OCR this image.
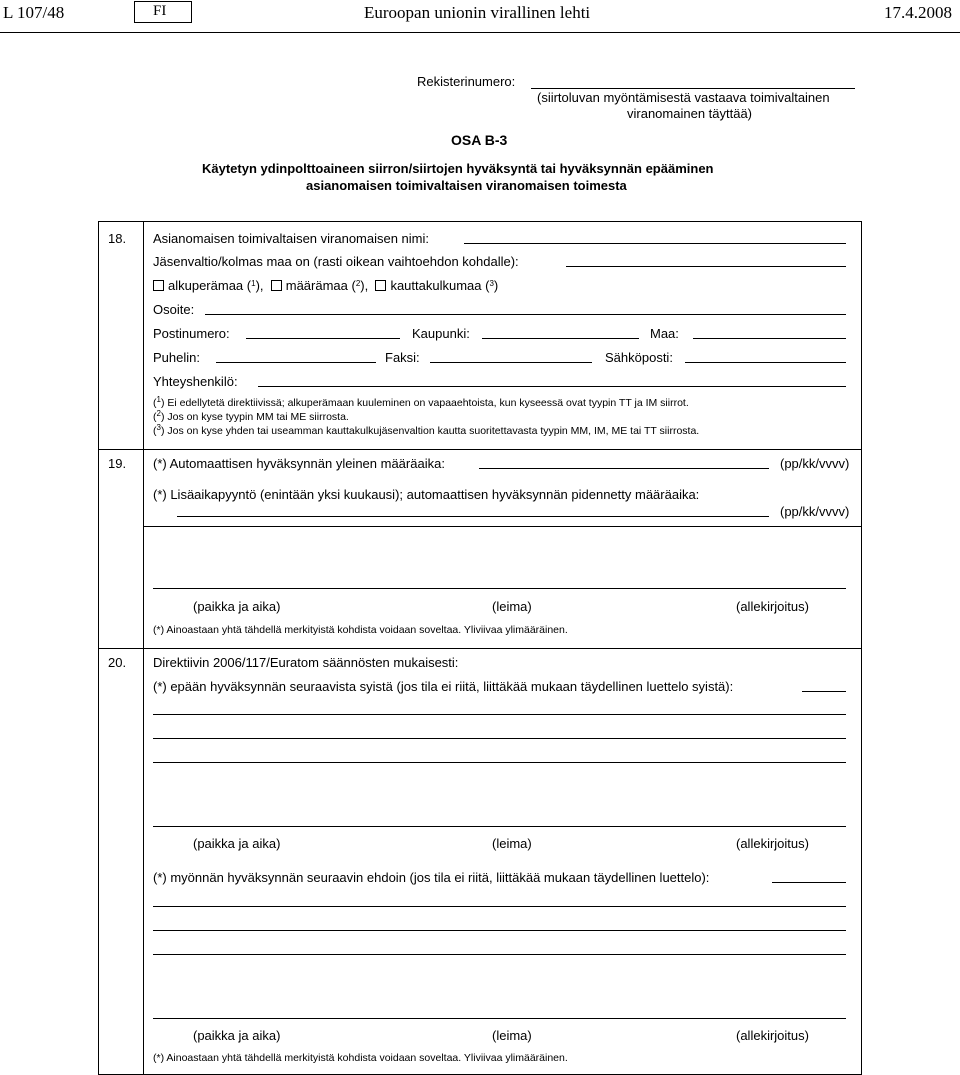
L 107/48	FI	Euroopan unionin virallinen lehti	17.4.2008
Rekisterinumero:
(siirtoluvan myöntämisestä vastaava toimivaltainen
viranomainen täyttää)
OSA B-3
Käytetyn ydinpolttoaineen siirron/siirtojen hyväksyntä tai hyväksynnän epääminen
asianomaisen toimivaltaisen viranomaisen toimesta
18. Asianomaisen toimivaltaisen viranomaisen nimi:
Jäsenvaltio/kolmas maa on (rasti oikean vaihtoehdon kohdalle):
alkuperämaa ($^1$),  määrämaa ($^2$),  kauttakulkumaa ($^3$)
Osoite:
Postinumero:	Kaupunki:	Maa:
Puhelin:	Faksi:	Sähköposti:
Yhteyshenkilö:
($^1$) Ei edellytetä direktiivissä; alkuperämaan kuuleminen on vapaaehtoista, kun kyseessä ovat tyypin TT ja IM siirrot.
($^2$) Jos on kyse tyypin MM tai ME siirrosta.
($^3$) Jos on kyse yhden tai useamman kauttakulkujäsenvaltion kautta suoritettavasta tyypin MM, IM, ME tai TT siirrosta.
19. (*) Automaattisen hyväksynnän yleinen määräaika:	(pp/kk/vvvv)
(*) Lisäaikapyyntö (enintään yksi kuukausi); automaattisen hyväksynnän pidennetty määräaika:
(pp/kk/vvvv)
(paikka ja aika)	(leima)	(allekirjoitus)
(*) Ainoastaan yhtä tähdellä merkityistä kohdista voidaan soveltaa. Yliviivaa ylimääräinen.
20. Direktiivin 2006/117/Euratom säännösten mukaisesti:
(*) epään hyväksynnän seuraavista syistä (jos tila ei riitä, liittäkää mukaan täydellinen luettelo syistä):
(paikka ja aika)	(leima)	(allekirjoitus)
(*) myönnän hyväksynnän seuraavin ehdoin (jos tila ei riitä, liittäkää mukaan täydellinen luettelo):
(paikka ja aika)	(leima)	(allekirjoitus)
(*) Ainoastaan yhtä tähdellä merkityistä kohdista voidaan soveltaa. Yliviivaa ylimääräinen.
